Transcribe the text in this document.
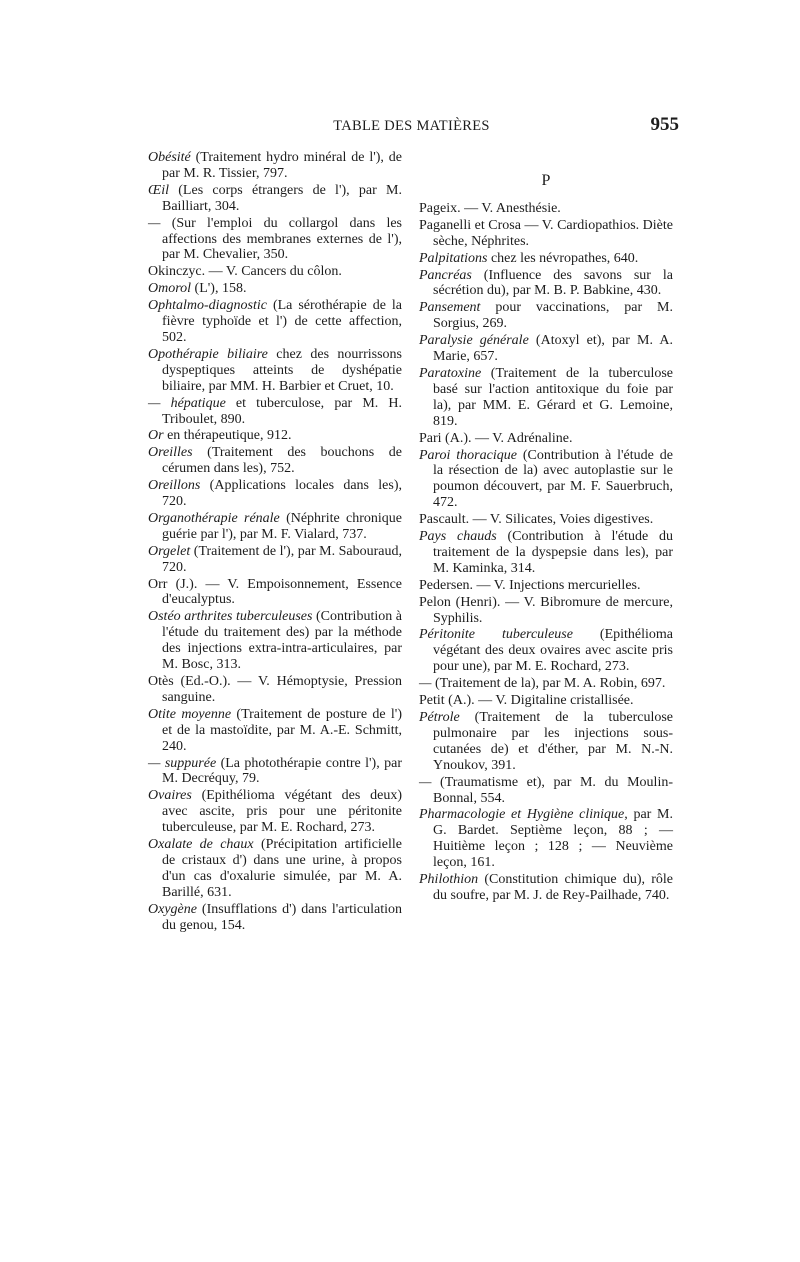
TABLE DES MATIÈRES	955

Obésité (Traitement hydro minéral de l'), de par M. R. Tissier, 797.

Œil (Les corps étrangers de l'), par M. Bailliart, 304.

— (Sur l'emploi du collargol dans les affections des membranes externes de l'), par M. Chevalier, 350.

Okinczyc. — V. Cancers du côlon.

Omorol (L'), 158.

Ophtalmo-diagnostic (La sérothérapie de la fièvre typhoïde et l') de cette affection, 502.

Opothérapie biliaire chez des nourrissons dyspeptiques atteints de dyshépatie biliaire, par MM. H. Barbier et Cruet, 10.

— hépatique et tuberculose, par M. H. Triboulet, 890.

Or en thérapeutique, 912.

Oreilles (Traitement des bouchons de cérumen dans les), 752.

Oreillons (Applications locales dans les), 720.

Organothérapie rénale (Néphrite chronique guérie par l'), par M. F. Vialard, 737.

Orgelet (Traitement de l'), par M. Sabouraud, 720.

Orr (J.). — V. Empoisonnement, Essence d'eucalyptus.

Ostéo arthrites tuberculeuses (Contribution à l'étude du traitement des) par la méthode des injections extra-intra-articulaires, par M. Bosc, 313.

Otès (Ed.-O.). — V. Hémoptysie, Pression sanguine.

Otite moyenne (Traitement de posture de l') et de la mastoïdite, par M. A.-E. Schmitt, 240.

— suppurée (La photothérapie contre l'), par M. Decréquy, 79.

Ovaires (Epithélioma végétant des deux) avec ascite, pris pour une péritonite tuberculeuse, par M. E. Rochard, 273.

Oxalate de chaux (Précipitation artificielle de cristaux d') dans une urine, à propos d'un cas d'oxalurie simulée, par M. A. Barillé, 631.

Oxygène (Insufflations d') dans l'articulation du genou, 154.

P

Pageix. — V. Anesthésie.

Paganelli et Crosa — V. Cardiopathios. Diète sèche, Néphrites.

Palpitations chez les névropathes, 640.

Pancréas (Influence des savons sur la sécrétion du), par M. B. P. Babkine, 430.

Pansement pour vaccinations, par M. Sorgius, 269.

Paralysie générale (Atoxyl et), par M. A. Marie, 657.

Paratoxine (Traitement de la tuberculose basé sur l'action antitoxique du foie par la), par MM. E. Gérard et G. Lemoine, 819.

Pari (A.). — V. Adrénaline.

Paroi thoracique (Contribution à l'étude de la résection de la) avec autoplastie sur le poumon découvert, par M. F. Sauerbruch, 472.

Pascault. — V. Silicates, Voies digestives.

Pays chauds (Contribution à l'étude du traitement de la dyspepsie dans les), par M. Kaminka, 314.

Pedersen. — V. Injections mercurielles.

Pelon (Henri). — V. Bibromure de mercure, Syphilis.

Péritonite tuberculeuse (Epithélioma végétant des deux ovaires avec ascite pris pour une), par M. E. Rochard, 273.

— (Traitement de la), par M. A. Robin, 697.

Petit (A.). — V. Digitaline cristallisée.

Pétrole (Traitement de la tuberculose pulmonaire par les injections sous-cutanées de) et d'éther, par M. N.-N. Ynoukov, 391.

— (Traumatisme et), par M. du Moulin-Bonnal, 554.

Pharmacologie et Hygiène clinique, par M. G. Bardet. Septième leçon, 88 ; — Huitième leçon ; 128 ; — Neuvième leçon, 161.

Philothion (Constitution chimique du), rôle du soufre, par M. J. de Rey-Pailhade, 740.
